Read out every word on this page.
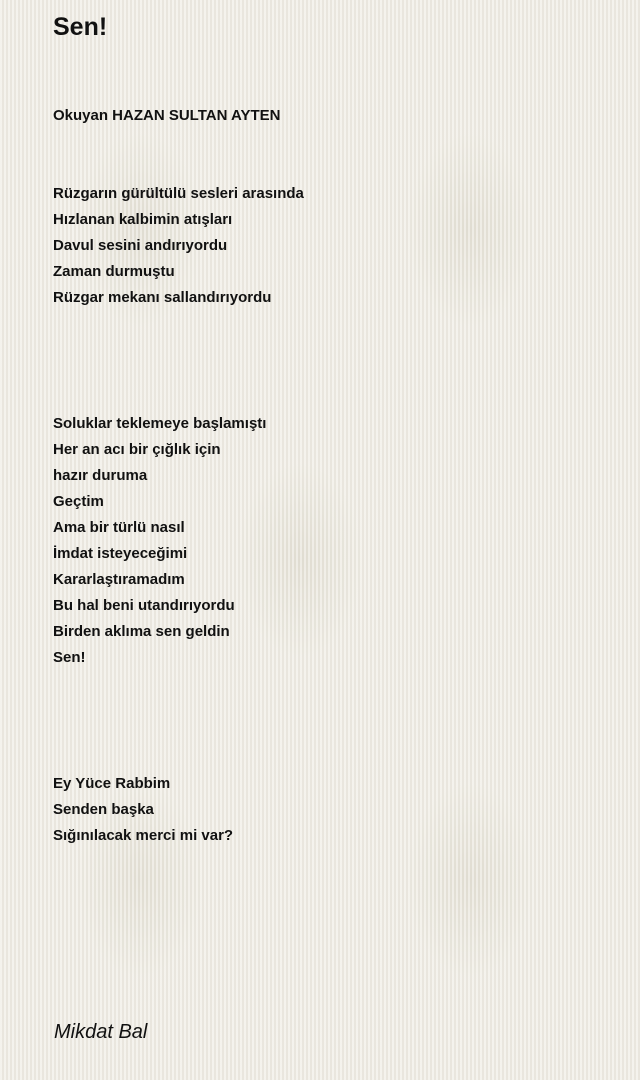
Sen!
Okuyan HAZAN SULTAN AYTEN
Rüzgarın gürültülü sesleri arasında
Hızlanan kalbimin atışları
Davul sesini andırıyordu
Zaman durmuştu
Rüzgar mekanı sallandırıyordu
Soluklar teklemeye başlamıştı
Her an acı bir çığlık için
hazır duruma
Geçtim
Ama bir türlü nasıl
İmdat isteyeceğimi
Kararlaştıramadım
Bu hal beni utandırıyordu
Birden aklıma sen geldin
Sen!
Ey Yüce Rabbim
Senden başka
Sığınılacak merci mi var?
Mikdat Bal
